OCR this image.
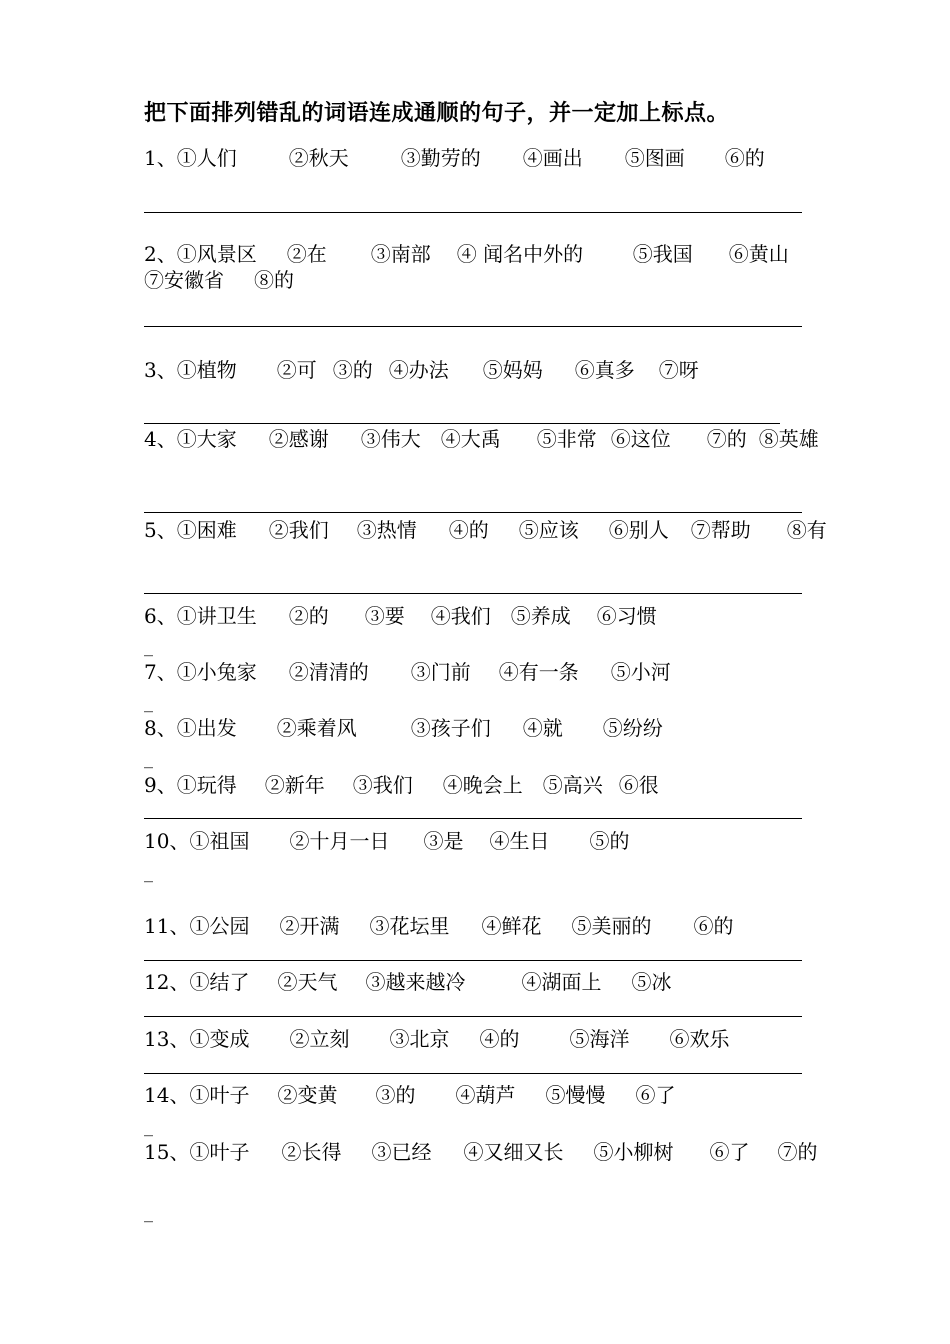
把下面排列错乱的词语连成通顺的句子，并一定加上标点。
1、①人们	②秋天	③勤劳的 ④画出 ⑤图画 ⑥的
2、①风景区 ②在 ③南部 ④ 闻名中外的 ⑤我国 ⑥黄山
⑦安徽省 ⑧的
3、①植物 ②可 ③的 ④办法 ⑤妈妈 ⑥真多 ⑦呀
4、①大家 ②感谢 ③伟大 ④大禹 ⑤非常 ⑥这位 ⑦的 ⑧英雄
5、①困难 ②我们 ③热情 ④的 ⑤应该 ⑥别人 ⑦帮助 ⑧有
6、①讲卫生 ②的 ③要 ④我们 ⑤养成 ⑥习惯
_
7、①小兔家 ②清清的 ③门前 ④有一条 ⑤小河
_
8、①出发 ②乘着风	③孩子们 ④就 ⑤纷纷
_
9、①玩得 ②新年 ③我们 ④晚会上 ⑤高兴 ⑥很
10、①祖国 ②十月一日 ③是 ④生日 ⑤的
_
11、①公园 ②开满 ③花坛里 ④鲜花 ⑤美丽的 ⑥的
12、①结了 ②天气 ③越来越冷	④湖面上 ⑤冰
13、①变成 ②立刻 ③北京 ④的	⑤海洋 ⑥欢乐
14、①叶子 ②变黄 ③的 ④葫芦 ⑤慢慢 ⑥了
_
15、①叶子 ②长得 ③已经 ④又细又长 ⑤小柳树 ⑥了 ⑦的
_
